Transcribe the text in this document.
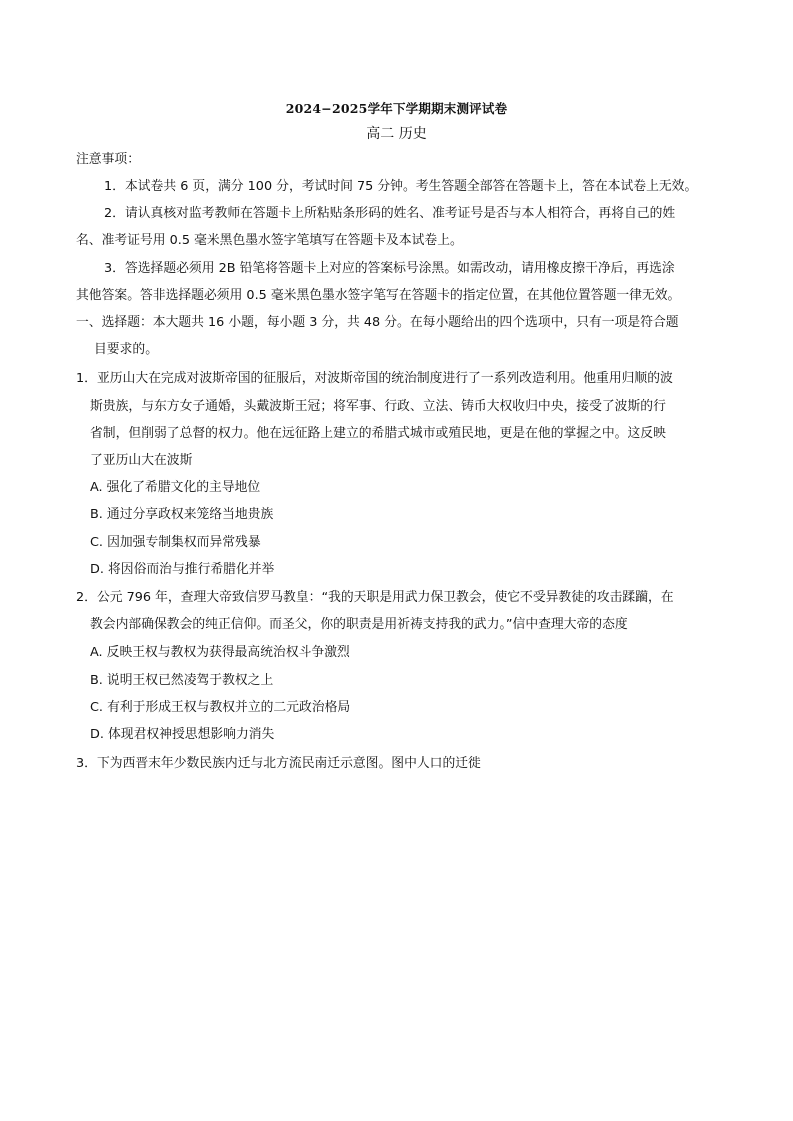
2024−2025学年下学期期末测评试卷
高二 历史
注意事项：
1．本试卷共 6 页，满分 100 分，考试时间 75 分钟。考生答题全部答在答题卡上，答在本试卷上无效。
2．请认真核对监考教师在答题卡上所粘贴条形码的姓名、准考证号是否与本人相符合，再将自己的姓
名、准考证号用 0.5 毫米黑色墨水签字笔填写在答题卡及本试卷上。
3．答选择题必须用 2B 铅笔将答题卡上对应的答案标号涂黑。如需改动，请用橡皮擦干净后，再选涂
其他答案。答非选择题必须用 0.5 毫米黑色墨水签字笔写在答题卡的指定位置，在其他位置答题一律无效。
一、选择题：本大题共 16 小题，每小题 3 分，共 48 分。在每小题给出的四个选项中，只有一项是符合题
目要求的。
1．亚历山大在完成对波斯帝国的征服后，对波斯帝国的统治制度进行了一系列改造利用。他重用归顺的波
斯贵族，与东方女子通婚，头戴波斯王冠；将军事、行政、立法、铸币大权收归中央，接受了波斯的行
省制，但削弱了总督的权力。他在远征路上建立的希腊式城市或殖民地，更是在他的掌握之中。这反映
了亚历山大在波斯
A. 强化了希腊文化的主导地位
B. 通过分享政权来笼络当地贵族
C. 因加强专制集权而异常残暴
D. 将因俗而治与推行希腊化并举
2．公元 796 年，查理大帝致信罗马教皇：“我的天职是用武力保卫教会，使它不受异教徒的攻击蹂躏，在
教会内部确保教会的纯正信仰。而圣父，你的职责是用祈祷支持我的武力。”信中查理大帝的态度
A. 反映王权与教权为获得最高统治权斗争激烈
B. 说明王权已然凌驾于教权之上
C. 有利于形成王权与教权并立的二元政治格局
D. 体现君权神授思想影响力消失
3．下为西晋末年少数民族内迁与北方流民南迁示意图。图中人口的迁徙
